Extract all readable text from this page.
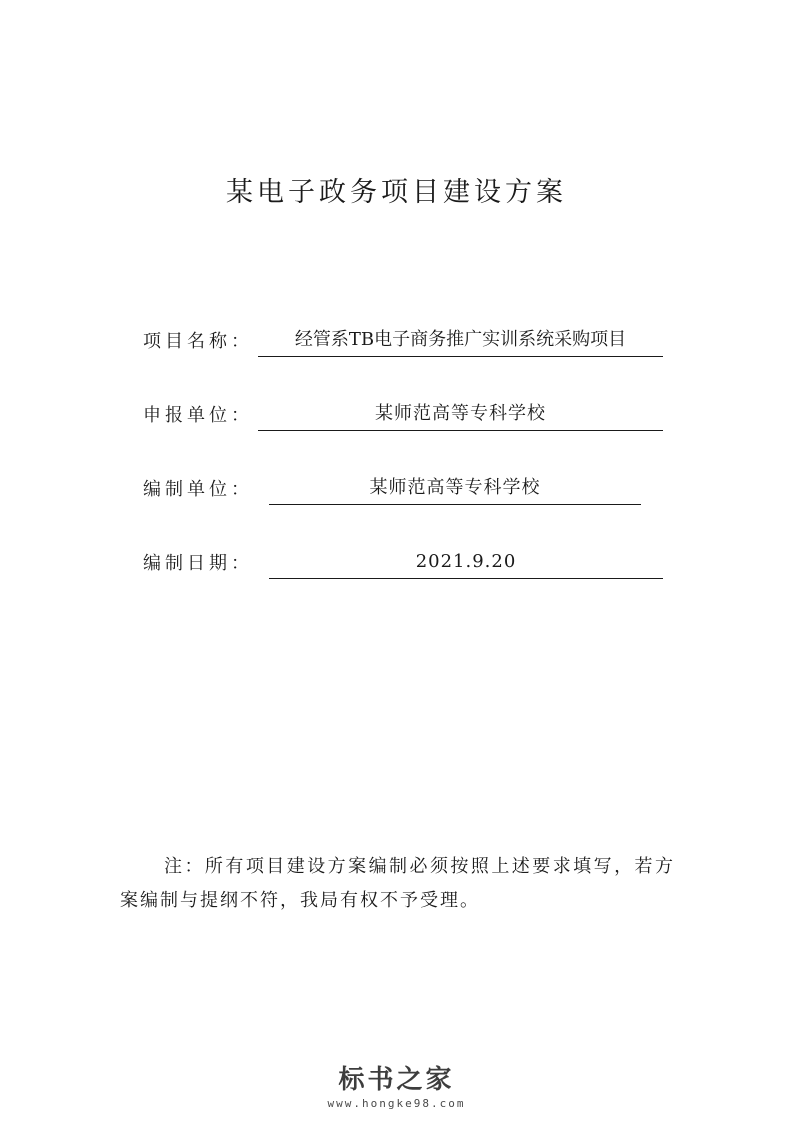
某电子政务项目建设方案
项目名称：	经管系TB电子商务推广实训系统采购项目
申报单位：	某师范高等专科学校
编制单位：	某师范高等专科学校
编制日期：	2021.9.20
注：所有项目建设方案编制必须按照上述要求填写，若方案编制与提纲不符，我局有权不予受理。
标书之家
www.hongke98.com
